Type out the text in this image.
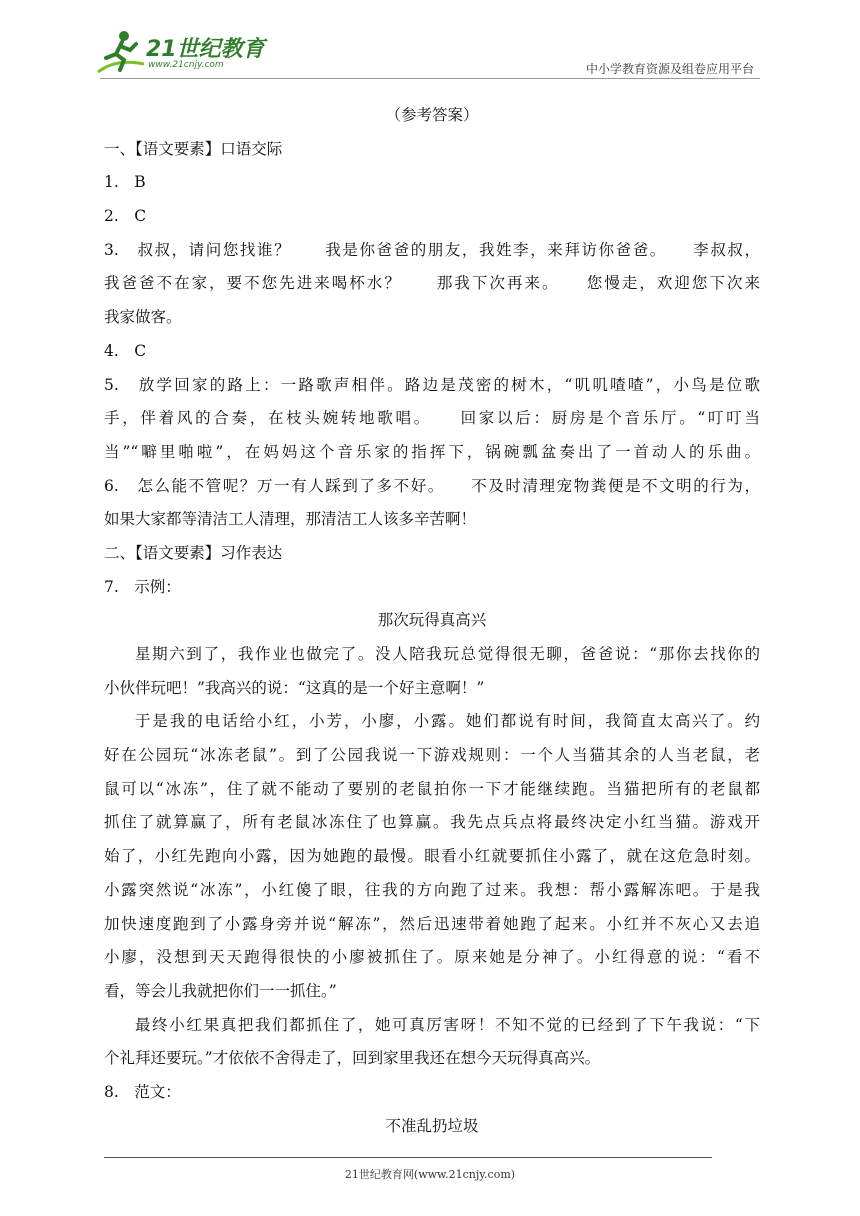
21世纪教育
www.21cnjy.com	中小学教育资源及组卷应用平台
（参考答案）
一、【语文要素】口语交际
1.　B
2.　C
3.　叔叔，请问您找谁？　　我是你爸爸的朋友，我姓李，来拜访你爸爸。　　李叔叔，
我爸爸不在家，要不您先进来喝杯水？　　那我下次再来。　　您慢走，欢迎您下次来
我家做客。
4.　C
5.　放学回家的路上：一路歌声相伴。路边是茂密的树木，“叽叽喳喳”，小鸟是位歌
手，伴着风的合奏，在枝头婉转地歌唱。　　回家以后：厨房是个音乐厅。“叮叮当
当”“噼里啪啦”，在妈妈这个音乐家的指挥下，锅碗瓢盆奏出了一首动人的乐曲。
6.　怎么能不管呢？万一有人踩到了多不好。　　不及时清理宠物粪便是不文明的行为，
如果大家都等清洁工人清理，那清洁工人该多辛苦啊！
二、【语文要素】习作表达
7.　示例：
那次玩得真高兴
星期六到了，我作业也做完了。没人陪我玩总觉得很无聊，爸爸说：“那你去找你的
小伙伴玩吧！”我高兴的说：“这真的是一个好主意啊！”
于是我的电话给小红，小芳，小廖，小露。她们都说有时间，我简直太高兴了。约
好在公园玩“冰冻老鼠”。到了公园我说一下游戏规则：一个人当猫其余的人当老鼠，老
鼠可以“冰冻”，住了就不能动了要别的老鼠拍你一下才能继续跑。当猫把所有的老鼠都
抓住了就算赢了，所有老鼠冰冻住了也算赢。我先点兵点将最终决定小红当猫。游戏开
始了，小红先跑向小露，因为她跑的最慢。眼看小红就要抓住小露了，就在这危急时刻。
小露突然说“冰冻”，小红傻了眼，往我的方向跑了过来。我想：帮小露解冻吧。于是我
加快速度跑到了小露身旁并说“解冻”，然后迅速带着她跑了起来。小红并不灰心又去追
小廖，没想到天天跑得很快的小廖被抓住了。原来她是分神了。小红得意的说：“看不
看，等会儿我就把你们一一抓住。”
最终小红果真把我们都抓住了，她可真厉害呀！不知不觉的已经到了下午我说：“下
个礼拜还要玩。”才依依不舍得走了，回到家里我还在想今天玩得真高兴。
8.　范文：
不准乱扔垃圾
21世纪教育网(www.21cnjy.com)
